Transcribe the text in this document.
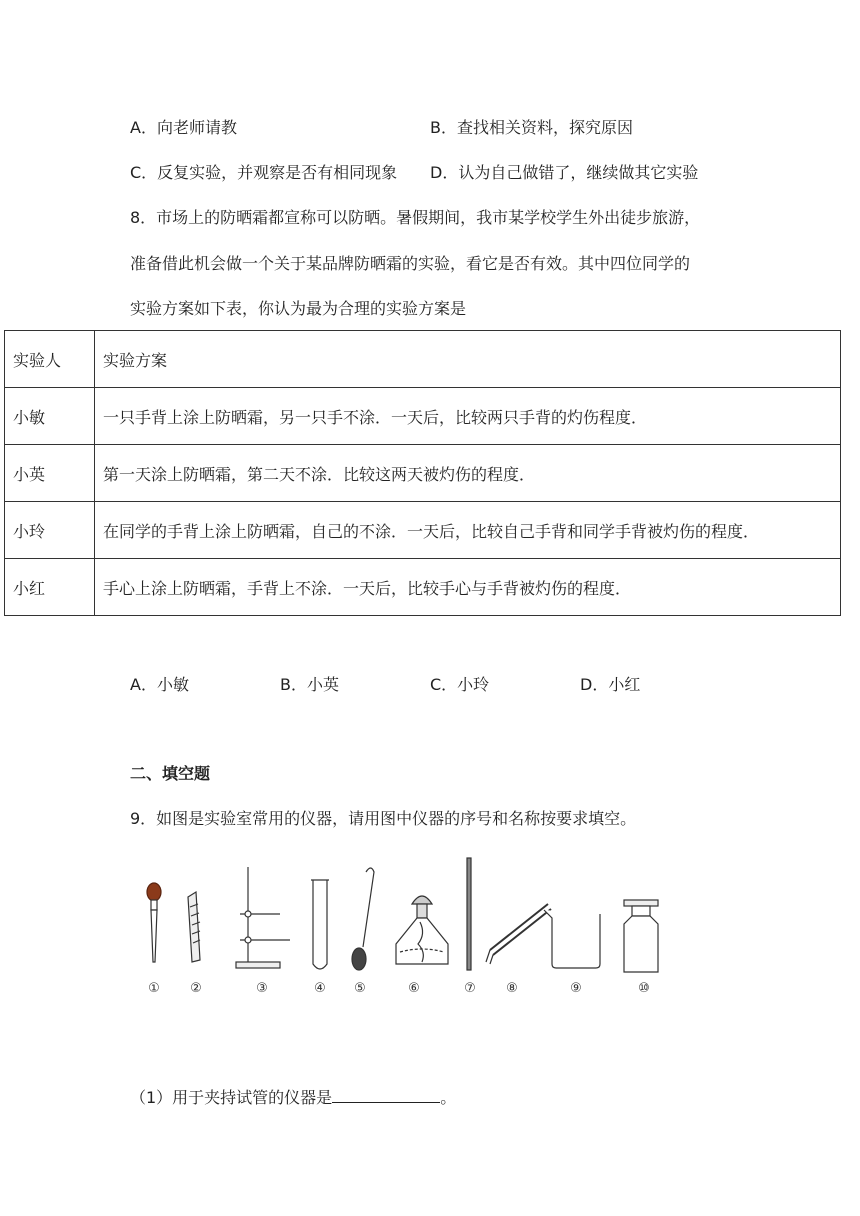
A．向老师请教	B．查找相关资料，探究原因
C．反复实验，并观察是否有相同现象 D．认为自己做错了，继续做其它实验
8．市场上的防晒霜都宣称可以防晒。暑假期间，我市某学校学生外出徒步旅游，
准备借此机会做一个关于某品牌防晒霜的实验，看它是否有效。其中四位同学的
实验方案如下表，你认为最为合理的实验方案是
实验人	实验方案
小敏	一只手背上涂上防晒霜，另一只手不涂．一天后，比较两只手背的灼伤程度．
小英	第一天涂上防晒霜，第二天不涂．比较这两天被灼伤的程度．
小玲	在同学的手背上涂上防晒霜，自己的不涂．一天后，比较自己手背和同学手背被灼伤的程度．
小红	手心上涂上防晒霜，手背上不涂．一天后，比较手心与手背被灼伤的程度．
A．小敏	B．小英	C．小玲	D．小红
二、填空题
9．如图是实验室常用的仪器，请用图中仪器的序号和名称按要求填空。
① ②	③	④ ⑤	⑥	⑦ ⑧	⑨	⑩
（1）用于夹持试管的仪器是	。
